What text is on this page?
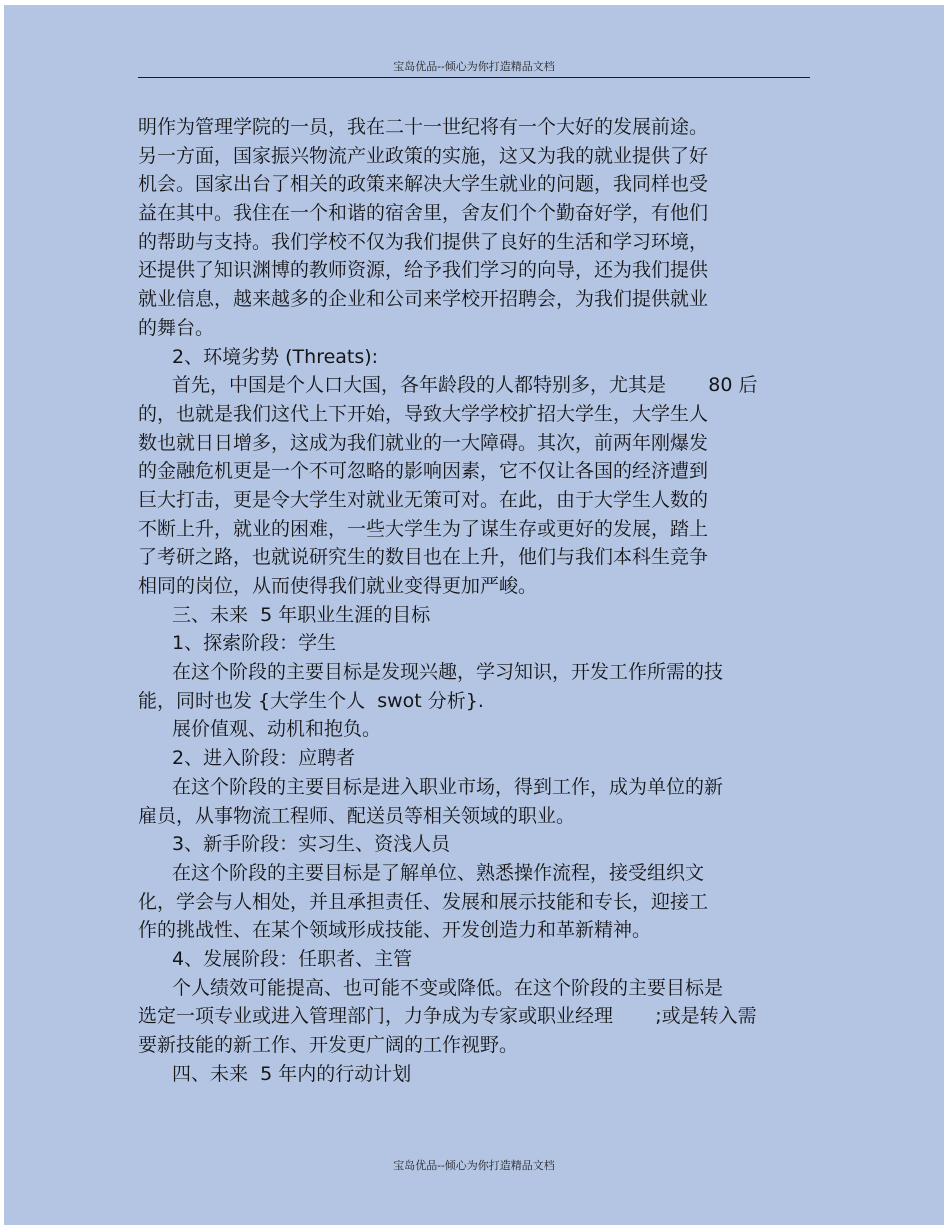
宝岛优品--倾心为你打造精品文档
明作为管理学院的一员，我在二十一世纪将有一个大好的发展前途。
另一方面，国家振兴物流产业政策的实施，这又为我的就业提供了好
机会。国家出台了相关的政策来解决大学生就业的问题，我同样也受
益在其中。我住在一个和谐的宿舍里，舍友们个个勤奋好学，有他们
的帮助与支持。我们学校不仅为我们提供了良好的生活和学习环境，
还提供了知识渊博的教师资源，给予我们学习的向导，还为我们提供
就业信息，越来越多的企业和公司来学校开招聘会，为我们提供就业
的舞台。
2、环境劣势 (Threats):
首先，中国是个人口大国，各年龄段的人都特别多，尤其是       80 后
的，也就是我们这代上下开始，导致大学学校扩招大学生，大学生人
数也就日日增多，这成为我们就业的一大障碍。其次，前两年刚爆发
的金融危机更是一个不可忽略的影响因素，它不仅让各国的经济遭到
巨大打击，更是令大学生对就业无策可对。在此，由于大学生人数的
不断上升，就业的困难，一些大学生为了谋生存或更好的发展，踏上
了考研之路，也就说研究生的数目也在上升，他们与我们本科生竞争
相同的岗位，从而使得我们就业变得更加严峻。
三、未来  5 年职业生涯的目标
1、探索阶段：学生
在这个阶段的主要目标是发现兴趣，学习知识，开发工作所需的技
能，同时也发 {大学生个人  swot 分析}.
展价值观、动机和抱负。
2、进入阶段：应聘者
在这个阶段的主要目标是进入职业市场，得到工作，成为单位的新
雇员，从事物流工程师、配送员等相关领域的职业。
3、新手阶段：实习生、资浅人员
在这个阶段的主要目标是了解单位、熟悉操作流程，接受组织文
化，学会与人相处，并且承担责任、发展和展示技能和专长，迎接工
作的挑战性、在某个领域形成技能、开发创造力和革新精神。
4、发展阶段：任职者、主管
个人绩效可能提高、也可能不变或降低。在这个阶段的主要目标是
选定一项专业或进入管理部门，力争成为专家或职业经理       ;或是转入需
要新技能的新工作、开发更广阔的工作视野。
四、未来  5 年内的行动计划
宝岛优品--倾心为你打造精品文档
